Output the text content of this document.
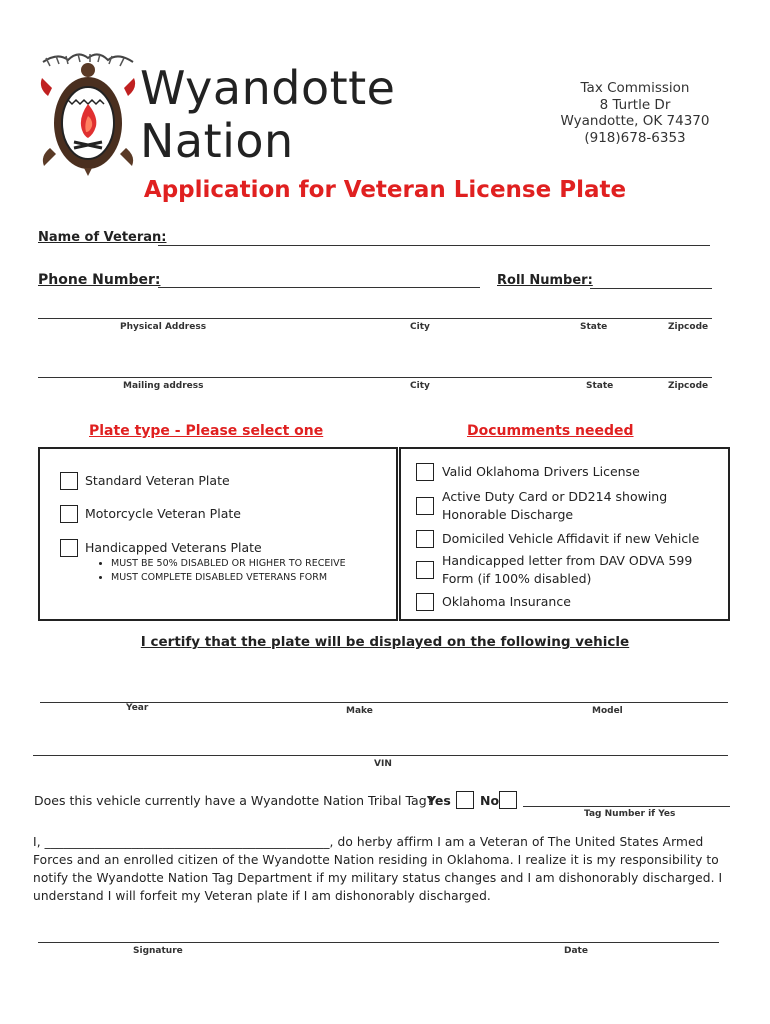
Wyandotte
Nation
Tax Commission
8 Turtle Dr
Wyandotte, OK 74370
(918)678-6353
Application for Veteran License Plate
Name of Veteran:
Phone Number:	Roll Number:
Physical Address	City	State	Zipcode
Mailing address	City	State	Zipcode
Plate type - Please select one	Documments needed
Standard Veteran Plate
Motorcycle Veteran Plate
Handicapped Veterans Plate
• MUST BE 50% DISABLED OR HIGHER TO RECEIVE
• MUST COMPLETE DISABLED VETERANS FORM
Valid Oklahoma Drivers License
Active Duty Card or DD214 showing
Honorable Discharge
Domiciled Vehicle Affidavit if new Vehicle
Handicapped letter from DAV ODVA 599
Form (if 100% disabled)
Oklahoma Insurance
I certify that the plate will be displayed on the following vehicle
Year	Make	Model
VIN
Does this vehicle currently have a Wyandotte Nation Tribal Tag?
Yes No
Tag Number if Yes
I, ______________________________________________, do herby affirm I am a Veteran of The United States Armed
Forces and an enrolled citizen of the Wyandotte Nation residing in Oklahoma. I realize it is my responsibility to
notify the Wyandotte Nation Tag Department if my military status changes and I am dishonorably discharged. I
understand I will forfeit my Veteran plate if I am dishonorably discharged.
Signature	Date
